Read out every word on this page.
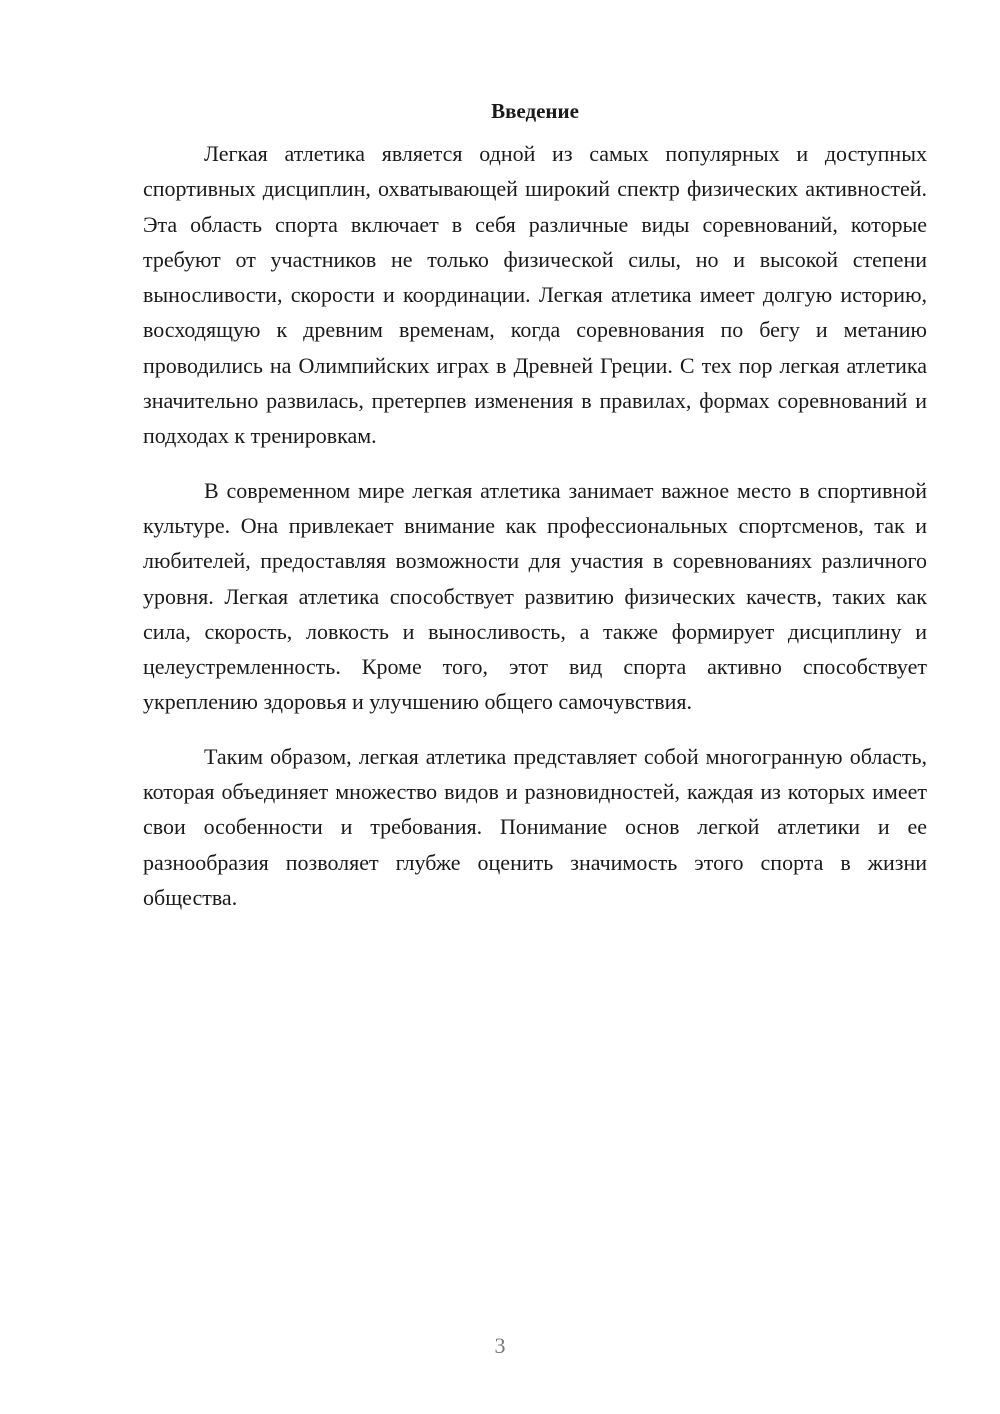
Введение

Легкая атлетика является одной из самых популярных и доступных спортивных дисциплин, охватывающей широкий спектр физических активностей. Эта область спорта включает в себя различные виды соревнований, которые требуют от участников не только физической силы, но и высокой степени выносливости, скорости и координации. Легкая атлетика имеет долгую историю, восходящую к древним временам, когда соревнования по бегу и метанию проводились на Олимпийских играх в Древней Греции. С тех пор легкая атлетика значительно развилась, претерпев изменения в правилах, формах соревнований и подходах к тренировкам.

В современном мире легкая атлетика занимает важное место в спортивной культуре. Она привлекает внимание как профессиональных спортсменов, так и любителей, предоставляя возможности для участия в соревнованиях различного уровня. Легкая атлетика способствует развитию физических качеств, таких как сила, скорость, ловкость и выносливость, а также формирует дисциплину и целеустремленность. Кроме того, этот вид спорта активно способствует укреплению здоровья и улучшению общего самочувствия.

Таким образом, легкая атлетика представляет собой многогранную область, которая объединяет множество видов и разновидностей, каждая из которых имеет свои особенности и требования. Понимание основ легкой атлетики и ее разнообразия позволяет глубже оценить значимость этого спорта в жизни общества.

3
